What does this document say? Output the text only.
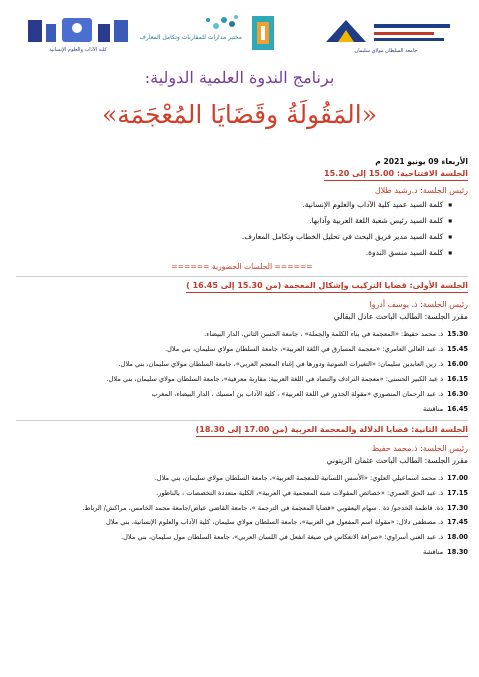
كلية الآداب والعلوم الإنسانية
مختبر مدارات للمقاربات وتكامل المعارف
جامعة السلطان مولاي سليمان
برنامج الندوة العلمية الدولية:
«المَقُولَةُ وقَضَايَا المُعْجَمَة»
الأربعاء 09 يونيو 2021 م
الجلسة الافتتاحية: 15.00 إلى 15.20
رئيس الجلسة: د.رشيد طلال
■ كلمة السيد عميد كلية الآداب والعلوم الإنسانية.
■ كلمة السيد رئيس شعبة اللغة العربية وآدابها.
■ كلمة السيد مدير فريق البحث في تحليل الخطاب وتكامل المعارف.
■ كلمة السيد منسق الندوة.
====== الجلسات الحضورية ======
الجلسة الأولى: قضايا التركيب وإشكال المعجمة (من 15.30 إلى 16.45 )
رئيس الجلسة: ذ. يوسف أدروا
مقرر الجلسة: الطالب الباحث عادل البقالي
15.30ذ. محمد حفيظ: «المعجمة في بناء الكلمة والجملة» ، جامعة الحسن الثاني، الدار البيضاء.
15.45ذ. عبد العالي العامري: «معجمة المسارق في اللغة العربية»، جامعة السلطان مولاي سليمان، بني ملال.
16.00ذ. زين العابدين سليمان: «التغيرات الصوتية ودورها في إغناء المعجم العربي»، جامعة السلطان مولاي سليمان، بني ملال.
16.15ذ عبد الكبير الحسني: «معجمة الترادف والتضاد في اللغة العربية: مقاربة معرفية»، جامعة السلطان مولاي سليمان، بني ملال.
16.30ذ. عبد الرحمان المنصوري «مقولة الجذور في اللغة العربية» ، كلية الآداب بن امسيك ، الدار البيضاء، المغرب
16.45مناقشة
الجلسة الثانية: قضايا الدلالة والمعجمة العربية (من 17.00 إلى 18.30)
رئيس الجلسة: ذ.محمد حفيظ
مقرر الجلسة: الطالب الباحث عثمان الزيتوني
17.00ذ. محمد اسماعيلي العلوي: «الأسس اللسانية للمعجمة العربية»، جامعة السلطان مولاي سليمان، بني ملال.
17.15ذ. عبد الحق العمري: «خصائص المقولات شبه المعجمية في العربية»، الكلية متعددة التخصصات ، بالناظور.
17.30ذة. فاطمة الخدجو/ ذة . سهام اليعقوبي «قضايا المعجمة في الترجمة »، جامعة القاضي عياض/جامعة محمد الخامس، مراكش/ الرباط.
17.45ذ. مصطفى دلال: «مقولة اسم المفعول في العربية»، جامعة السلطان مولاي سليمان، كلية الآداب والعلوم الإنسانية، بني ملال
18.00ذ. عبد الغني أسراوي: «صرافة الانعكاس في صيغة انفعل في اللسان العربي»، جامعة السلطان مول سليمان، بني ملال.
18.30مناقشة
